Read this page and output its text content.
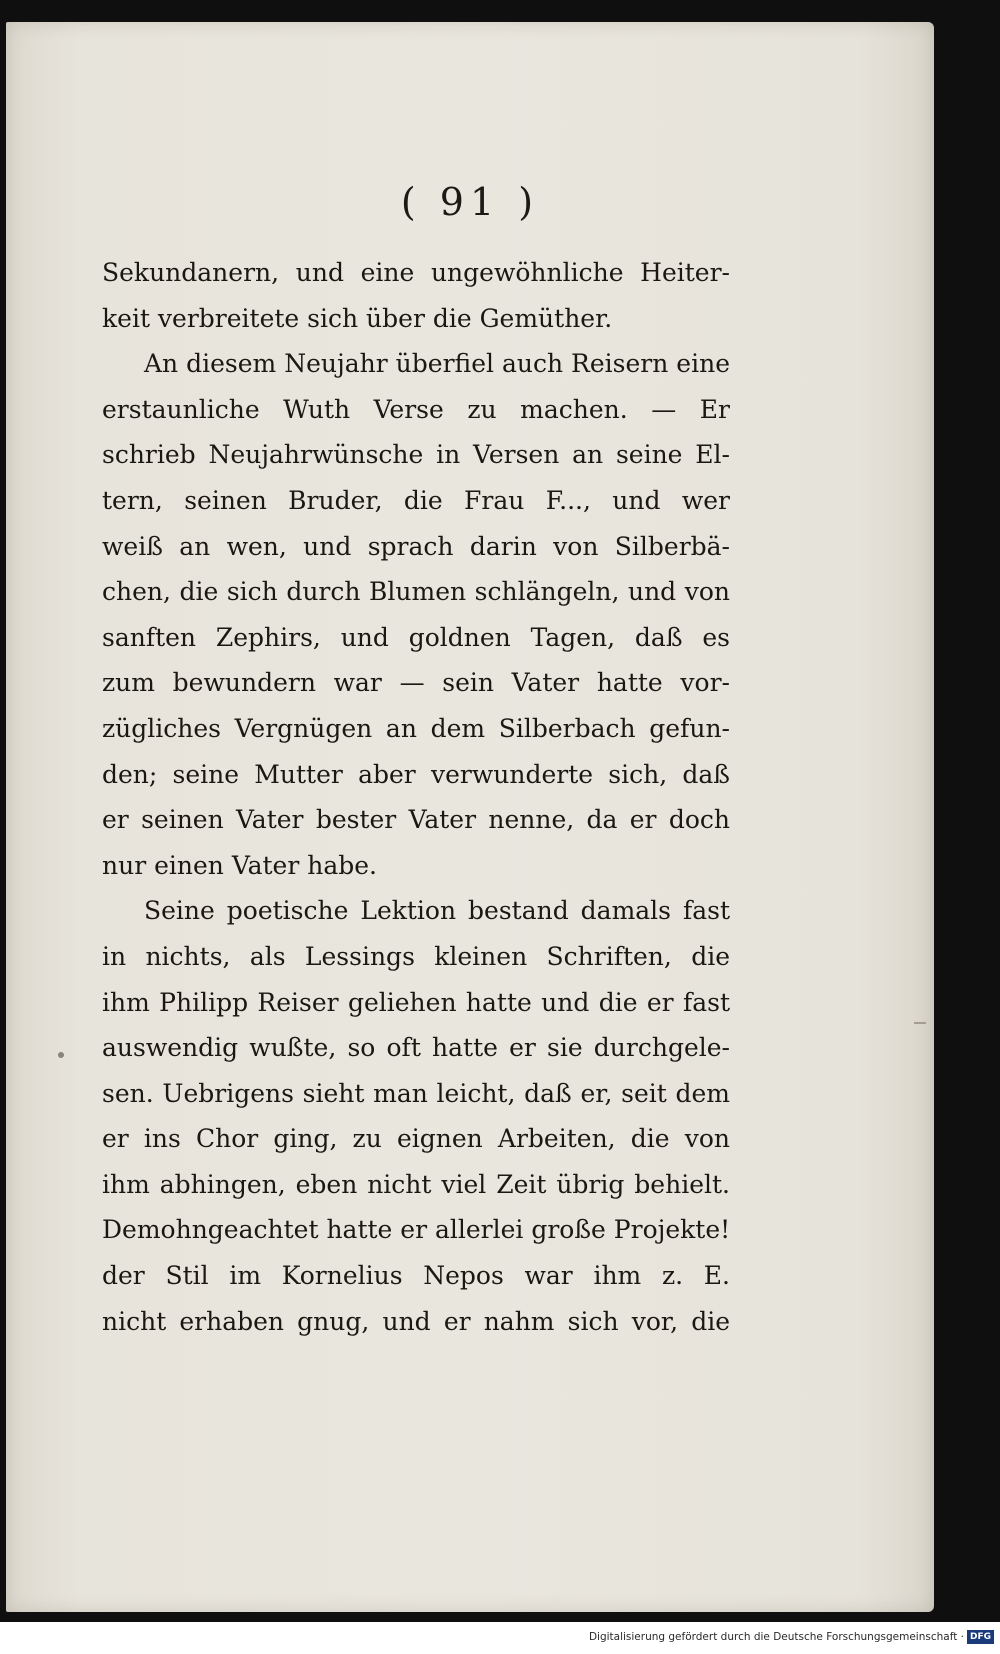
( 91 )
Sekundanern, und eine ungewöhnliche Heiter-
keit verbreitete sich über die Gemüther.
An diesem Neujahr überfiel auch Reisern eine
erstaunliche Wuth Verse zu machen. — Er
schrieb Neujahrwünsche in Versen an seine El-
tern, seinen Bruder, die Frau F..., und wer
weiß an wen, und sprach darin von Silberbä-
chen, die sich durch Blumen schlängeln, und von
sanften Zephirs, und goldnen Tagen, daß es
zum bewundern war — sein Vater hatte vor-
zügliches Vergnügen an dem Silberbach gefun-
den; seine Mutter aber verwunderte sich, daß
er seinen Vater bester Vater nenne, da er doch
nur einen Vater habe.
Seine poetische Lektion bestand damals fast
in nichts, als Lessings kleinen Schriften, die
ihm Philipp Reiser geliehen hatte und die er fast
auswendig wußte, so oft hatte er sie durchgele-
sen. Uebrigens sieht man leicht, daß er, seit dem
er ins Chor ging, zu eignen Arbeiten, die von
ihm abhingen, eben nicht viel Zeit übrig behielt.
Demohngeachtet hatte er allerlei große Projekte!
der Stil im Kornelius Nepos war ihm z. E.
nicht erhaben gnug, und er nahm sich vor, die
Digitalisierung gefördert durch die Deutsche Forschungsgemeinschaft · DFG
